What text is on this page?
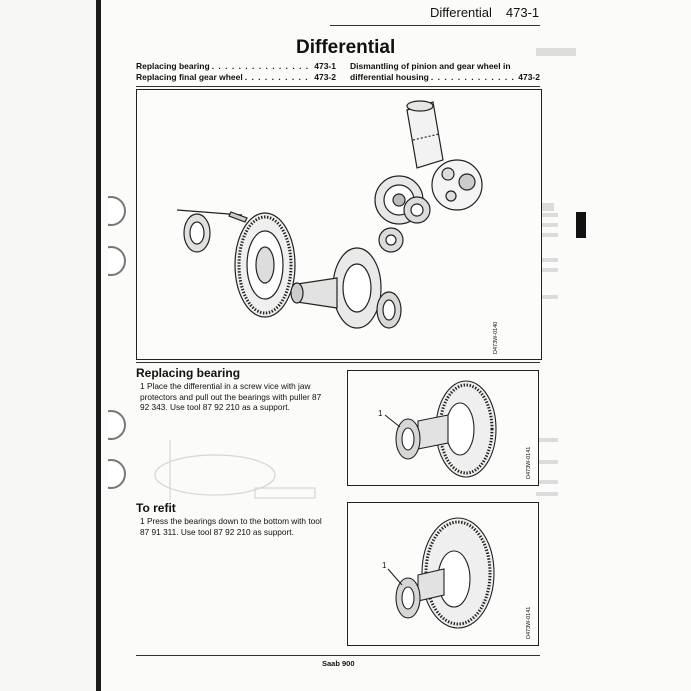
Differential 473-1
Differential
Replacing bearing . . .	473-1
Replacing final gear wheel . . .	473-2
Dismantling of pinion and gear wheel in
differential housing . . .	473-2
D473W-0140
Replacing bearing
1 Place the differential in a screw vice with jaw protectors and pull out the bearings with puller 87 92 343. Use tool 87 92 210 as a support.
1
D473W-0141
To refit
1 Press the bearings down to the bottom with tool 87 91 311. Use tool 87 92 210 as support.
D473W-0141
1
Saab 900
